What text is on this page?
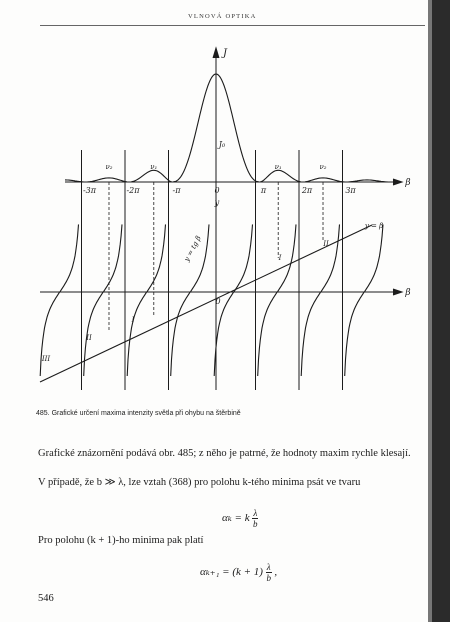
VLNOVÁ OPTIKA
J
β
J₀
ν₂	ν₁	ν₁	ν₂
-3π	-2π	-π	0	π	2π	3π
y
β
0
y = β
y = tg β
III
II
I
I
II
485. Grafické určení maxima intenzity světla při ohybu na štěrbině
Grafické znázornění podává obr. 485; z něho je patrné, že hodnoty maxim rychle klesají.
V případě, že b ≫ λ, lze vztah (368) pro polohu k-tého minima psát ve tvaru
αₖ = k $\frac{\lambda}{b}$
Pro polohu (k + 1)-ho minima pak platí
$\alpha_{k+1} = (k + 1) \frac{\lambda}{b}$ ,
546
